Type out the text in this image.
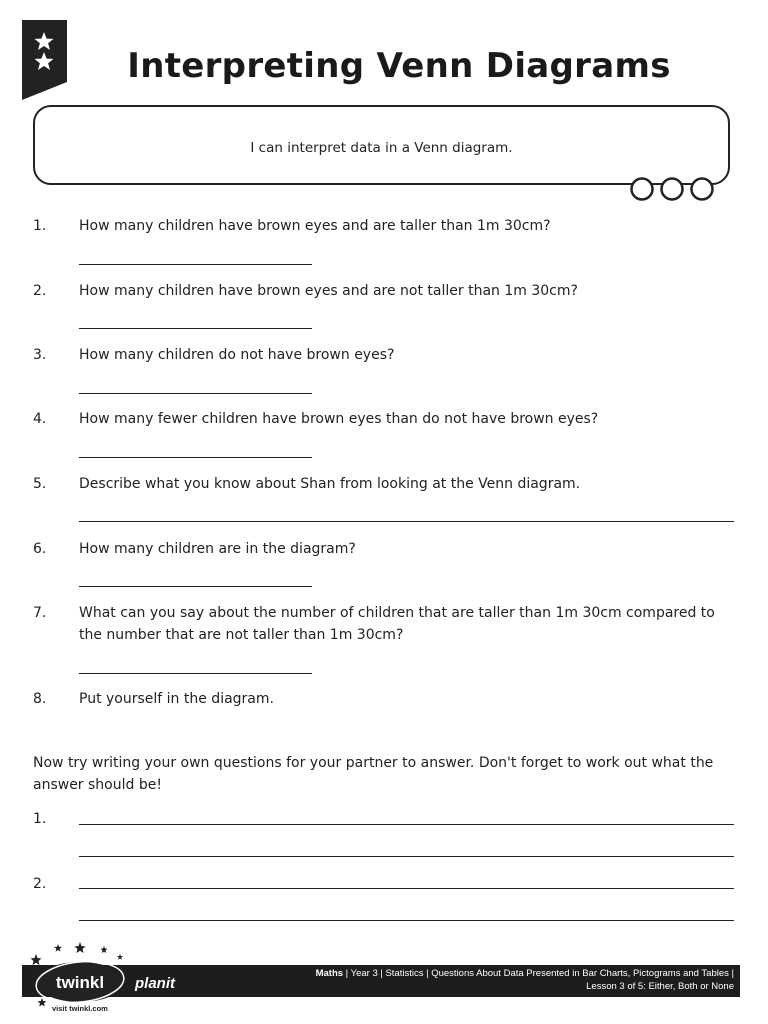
Interpreting Venn Diagrams
I can interpret data in a Venn diagram.
1.	How many children have brown eyes and are taller than 1m 30cm?
2.	How many children have brown eyes and are not taller than 1m 30cm?
3.	How many children do not have brown eyes?
4.	How many fewer children have brown eyes than do not have brown eyes?
5.	Describe what you know about Shan from looking at the Venn diagram.
6.	How many children are in the diagram?
7.	What can you say about the number of children that are taller than 1m 30cm compared to the number that are not taller than 1m 30cm?
8.	Put yourself in the diagram.
Now try writing your own questions for your partner to answer. Don't forget to work out what the answer should be!
1.
2.
Maths | Year 3 | Statistics | Questions About Data Presented in Bar Charts, Pictograms and Tables |
Lesson 3 of 5: Either, Both or None
twinkl planit
visit twinkl.com
